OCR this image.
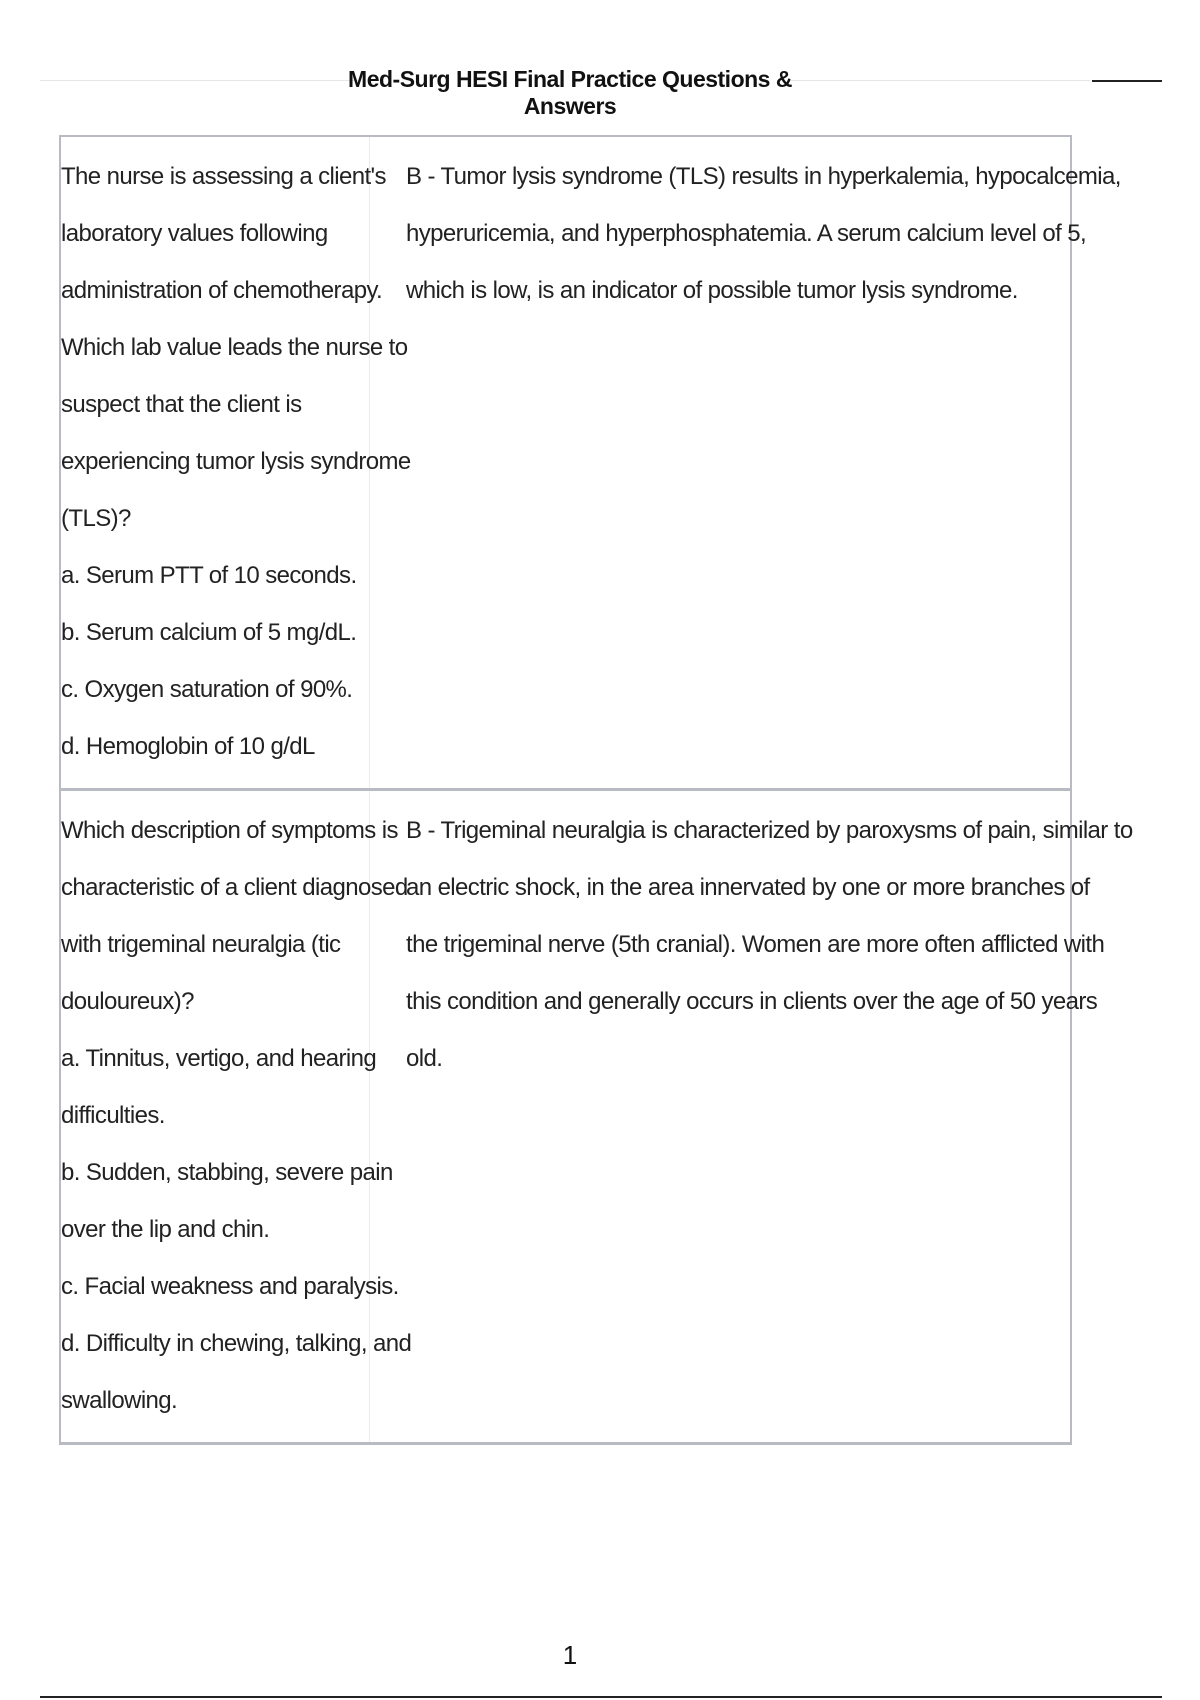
Med-Surg HESI Final Practice Questions & Answers
The nurse is assessing a client's
laboratory values following
administration of chemotherapy.
Which lab value leads the nurse to
suspect that the client is
experiencing tumor lysis syndrome
(TLS)?
a. Serum PTT of 10 seconds.
b. Serum calcium of 5 mg/dL.
c. Oxygen saturation of 90%.
d. Hemoglobin of 10 g/dL
B - Tumor lysis syndrome (TLS) results in hyperkalemia, hypocalcemia,
hyperuricemia, and hyperphosphatemia. A serum calcium level of 5,
which is low, is an indicator of possible tumor lysis syndrome.
Which description of symptoms is
characteristic of a client diagnosed
with trigeminal neuralgia (tic
douloureux)?
a. Tinnitus, vertigo, and hearing
difficulties.
b. Sudden, stabbing, severe pain
over the lip and chin.
c. Facial weakness and paralysis.
d. Difficulty in chewing, talking, and
swallowing.
B - Trigeminal neuralgia is characterized by paroxysms of pain, similar to
an electric shock, in the area innervated by one or more branches of
the trigeminal nerve (5th cranial). Women are more often afflicted with
this condition and generally occurs in clients over the age of 50 years
old.
1
